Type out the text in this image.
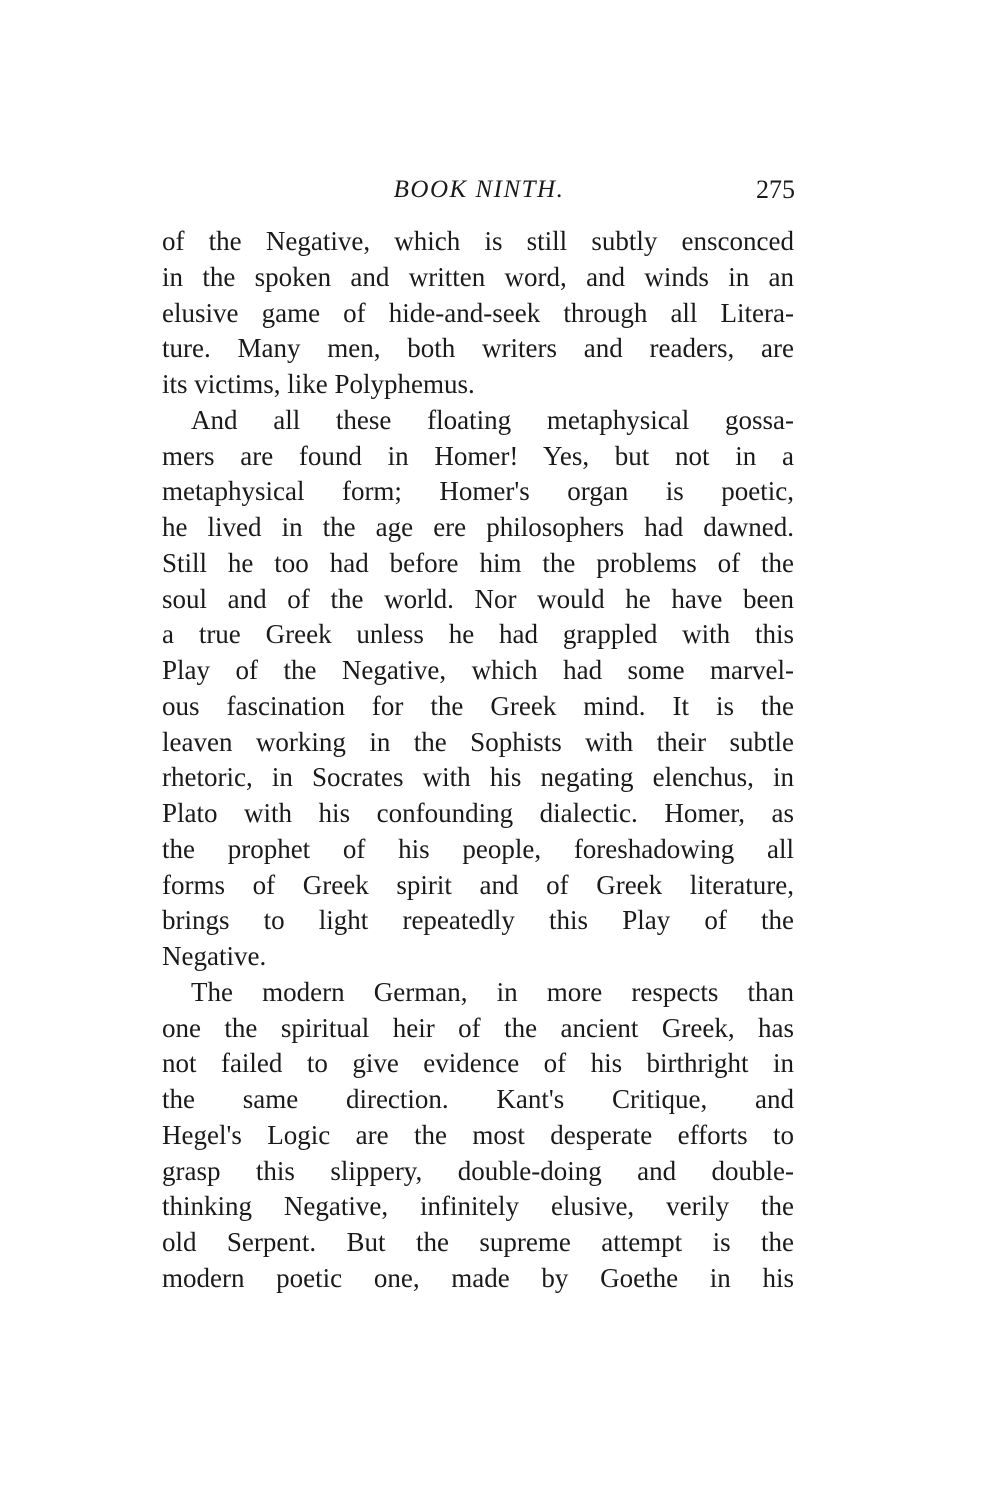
BOOK NINTH.	275
of the Negative, which is still subtly ensconced
in the spoken and written word, and winds in an
elusive game of hide-and-seek through all Litera-
ture. Many men, both writers and readers, are
its victims, like Polyphemus.
And all these floating metaphysical gossa-
mers are found in Homer! Yes, but not in a
metaphysical form; Homer's organ is poetic,
he lived in the age ere philosophers had dawned.
Still he too had before him the problems of the
soul and of the world. Nor would he have been
a true Greek unless he had grappled with this
Play of the Negative, which had some marvel-
ous fascination for the Greek mind. It is the
leaven working in the Sophists with their subtle
rhetoric, in Socrates with his negating elenchus, in
Plato with his confounding dialectic. Homer, as
the prophet of his people, foreshadowing all
forms of Greek spirit and of Greek literature,
brings to light repeatedly this Play of the
Negative.
The modern German, in more respects than
one the spiritual heir of the ancient Greek, has
not failed to give evidence of his birthright in
the same direction. Kant's Critique, and
Hegel's Logic are the most desperate efforts to
grasp this slippery, double-doing and double-
thinking Negative, infinitely elusive, verily the
old Serpent. But the supreme attempt is the
modern poetic one, made by Goethe in his
